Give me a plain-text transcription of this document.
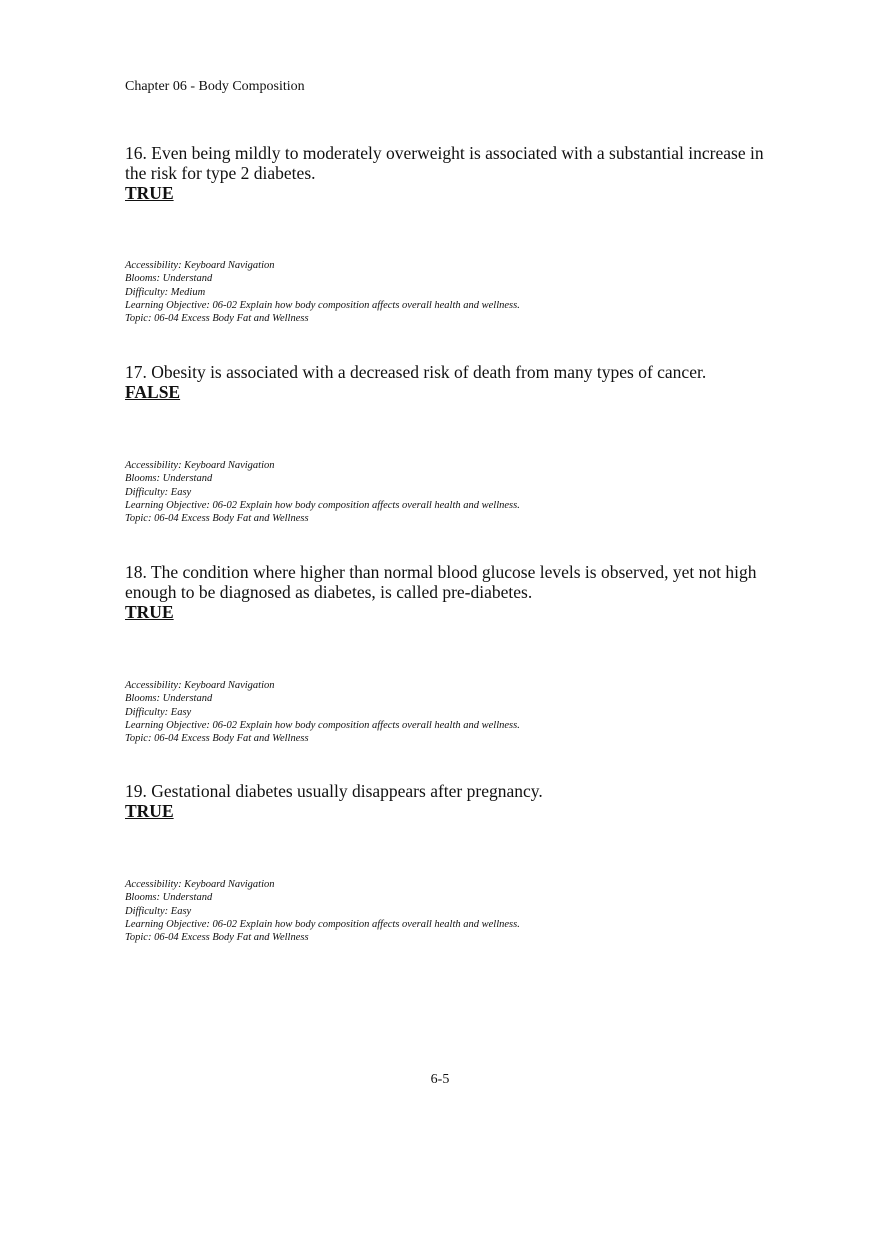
Chapter 06 - Body Composition

16. Even being mildly to moderately overweight is associated with a substantial increase in the risk for type 2 diabetes.

TRUE

Accessibility: Keyboard Navigation
Blooms: Understand
Difficulty: Medium
Learning Objective: 06-02 Explain how body composition affects overall health and wellness.
Topic: 06-04 Excess Body Fat and Wellness

17. Obesity is associated with a decreased risk of death from many types of cancer.

FALSE

Accessibility: Keyboard Navigation
Blooms: Understand
Difficulty: Easy
Learning Objective: 06-02 Explain how body composition affects overall health and wellness.
Topic: 06-04 Excess Body Fat and Wellness

18. The condition where higher than normal blood glucose levels is observed, yet not high enough to be diagnosed as diabetes, is called pre-diabetes.

TRUE

Accessibility: Keyboard Navigation
Blooms: Understand
Difficulty: Easy
Learning Objective: 06-02 Explain how body composition affects overall health and wellness.
Topic: 06-04 Excess Body Fat and Wellness

19. Gestational diabetes usually disappears after pregnancy.

TRUE

Accessibility: Keyboard Navigation
Blooms: Understand
Difficulty: Easy
Learning Objective: 06-02 Explain how body composition affects overall health and wellness.
Topic: 06-04 Excess Body Fat and Wellness
6-5
